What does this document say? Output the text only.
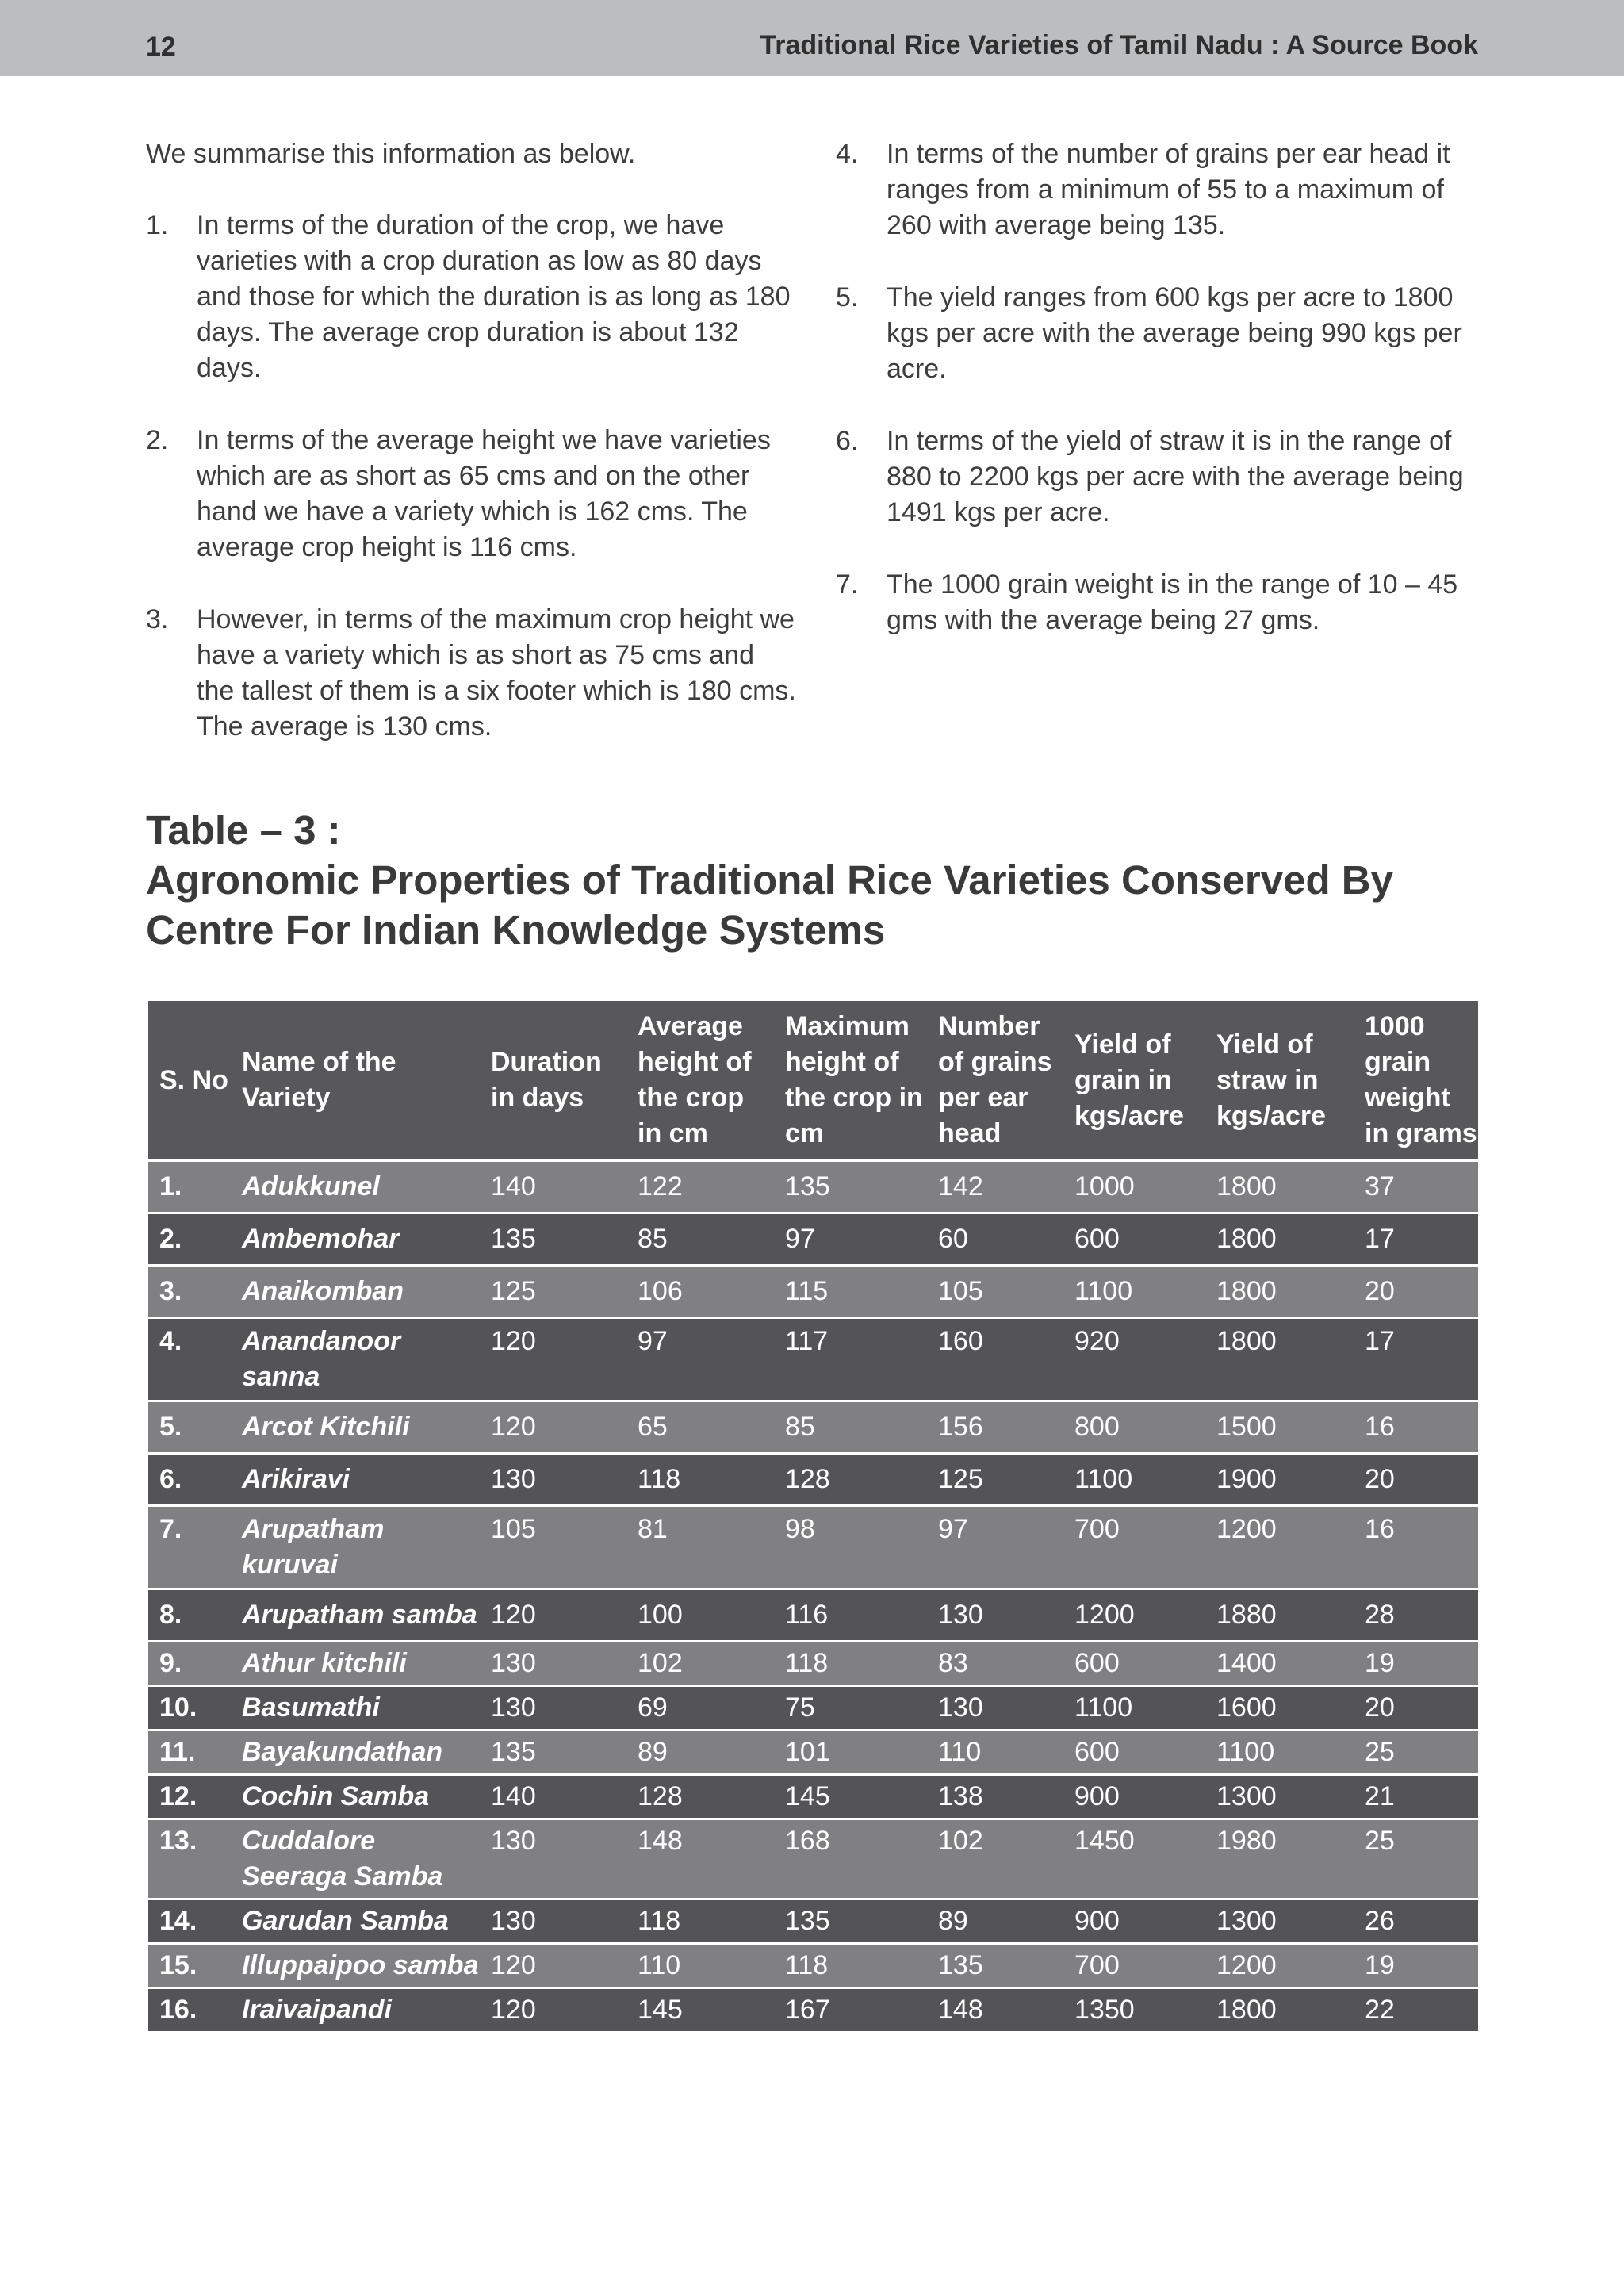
12	Traditional Rice Varieties of Tamil Nadu : A Source Book

We summarise this information as below.

1.	In terms of the duration of the crop, we have varieties with a crop duration as low as 80 days and those for which the duration is as long as 180 days. The average crop duration is about 132 days.
2.	In terms of the average height we have varieties which are as short as 65 cms and on the other hand we have a variety which is 162 cms. The average crop height is 116 cms.
3.	However, in terms of the maximum crop height we have a variety which is as short as 75 cms and the tallest of them is a six footer which is 180 cms. The average is 130 cms.
4.	In terms of the number of grains per ear head it ranges from a minimum of 55 to a maximum of 260 with average being 135.
5.	The yield ranges from 600 kgs per acre to 1800 kgs per acre with the average being 990 kgs per acre.
6.	In terms of the yield of straw it is in the range of 880 to 2200 kgs per acre with the average being 1491 kgs per acre.
7.	The 1000 grain weight is in the range of 10 – 45 gms with the average being 27 gms.
Table – 3 :
Agronomic Properties of Traditional Rice Varieties Conserved By
Centre For Indian Knowledge Systems
S. No	Name of the Variety	Duration in days	Average height of the crop in cm	Maximum height of the crop in cm	Number of grains per ear head	Yield of grain in kgs/acre	Yield of straw in kgs/acre	1000 grain weight in grams
1.	Adukkunel	140	122	135	142	1000	1800	37
2.	Ambemohar	135	85	97	60	600	1800	17
3.	Anaikomban	125	106	115	105	1100	1800	20
4.	Anandanoor sanna	120	97	117	160	920	1800	17
5.	Arcot Kitchili	120	65	85	156	800	1500	16
6.	Arikiravi	130	118	128	125	1100	1900	20
7.	Arupatham kuruvai	105	81	98	97	700	1200	16
8.	Arupatham samba	120	100	116	130	1200	1880	28
9.	Athur kitchili	130	102	118	83	600	1400	19
10.	Basumathi	130	69	75	130	1100	1600	20
11.	Bayakundathan	135	89	101	110	600	1100	25
12.	Cochin Samba	140	128	145	138	900	1300	21
13.	Cuddalore Seeraga Samba	130	148	168	102	1450	1980	25
14.	Garudan Samba	130	118	135	89	900	1300	26
15.	Illuppaipoo samba	120	110	118	135	700	1200	19
16.	Iraivaipandi	120	145	167	148	1350	1800	22
